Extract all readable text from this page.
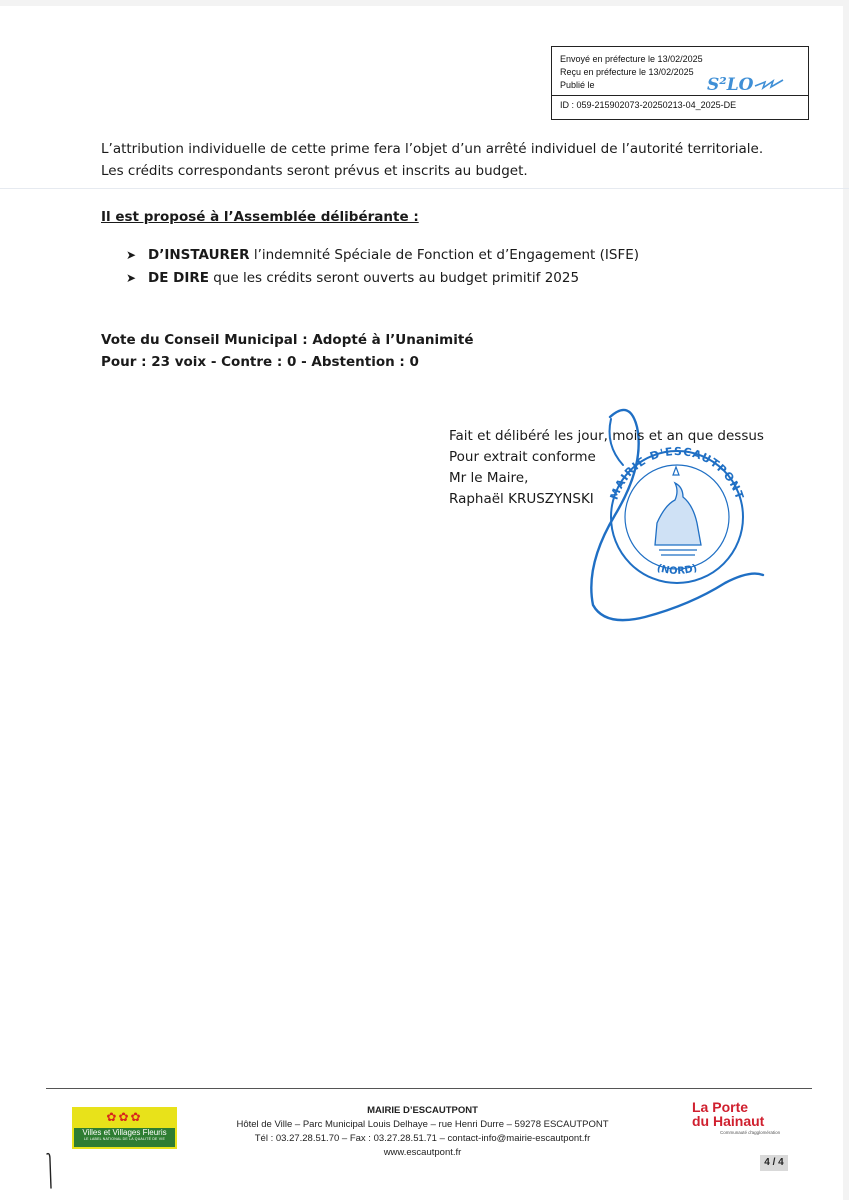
Envoyé en préfecture le 13/02/2025
Reçu en préfecture le 13/02/2025
Publié le
ID : 059-215902073-20250213-04_2025-DE
S²LO
L’attribution individuelle de cette prime fera l’objet d’un arrêté individuel de l’autorité territoriale.
Les crédits correspondants seront prévus et inscrits au budget.
Il est proposé à l’Assemblée délibérante :
➤ D’INSTAURER l’indemnité Spéciale de Fonction et d’Engagement (ISFE)
➤ DE DIRE que les crédits seront ouverts au budget primitif 2025
Vote du Conseil Municipal : Adopté à l’Unanimité
Pour : 23 voix - Contre : 0 - Abstention : 0
MAIRIE D'ESCAUTPONT
(NORD)
Fait et délibéré les jour, mois et an que dessus
Pour extrait conforme
Mr le Maire,
Raphaël KRUSZYNSKI
✿✿✿
Villes et Villages Fleuris
LE LABEL NATIONAL DE LA QUALITÉ DE VIE
MAIRIE D’ESCAUTPONT
Hôtel de Ville – Parc Municipal Louis Delhaye – rue Henri Durre – 59278 ESCAUTPONT
Tél : 03.27.28.51.70 – Fax : 03.27.28.51.71 – contact-info@mairie-escautpont.fr
www.escautpont.fr
La Porte
du Hainaut
Communauté d'agglomération
4 / 4
